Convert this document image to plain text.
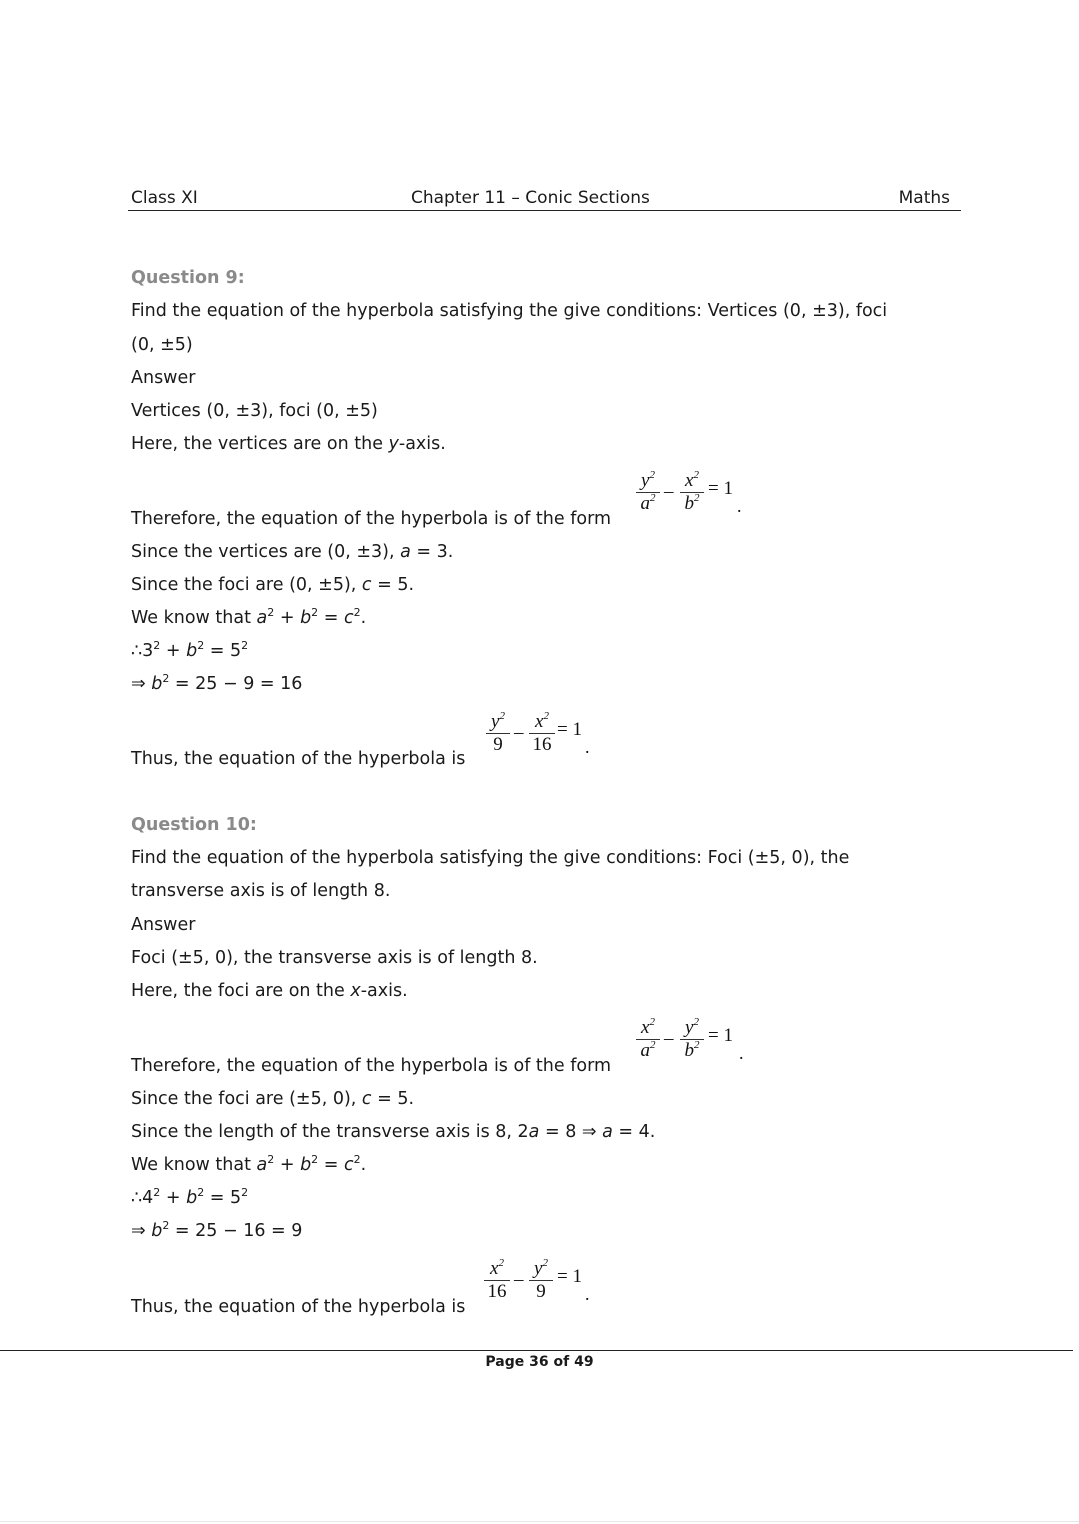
Class XI	Chapter 11 – Conic Sections	Maths
Question 9:
Find the equation of the hyperbola satisfying the give conditions: Vertices (0, ±3), foci
(0, ±5)
Answer
Vertices (0, ±3), foci (0, ±5)
Here, the vertices are on the y-axis.
Therefore, the equation of the hyperbola is of the form
$y^2$
$a^2$ –
$x^2$
$b^2 = 1$
.
Since the vertices are (0, ±3), a = 3.
Since the foci are (0, ±5), c = 5.
We know that $a^2 + b^2 = c^2$.
$\therefore 3^2 + b^2 = 5^2$
⇒ $b^2 = 25 - 9 = 16$
Thus, the equation of the hyperbola is
$y^2$
9
–
$x^2$
16
= 1
.
Question 10:
Find the equation of the hyperbola satisfying the give conditions: Foci (±5, 0), the
transverse axis is of length 8.
Answer
Foci (±5, 0), the transverse axis is of length 8.
Here, the foci are on the x-axis.
Therefore, the equation of the hyperbola is of the form
$x^2$
$a^2$ –
$y^2$
$b^2 = 1$
.
Since the foci are (±5, 0), c = 5.
Since the length of the transverse axis is 8, 2a = 8 ⇒ a = 4.
We know that $a^2 + b^2 = c^2$.
$\therefore 4^2 + b^2 = 5^2$
⇒ $b^2 = 25 - 16 = 9$
Thus, the equation of the hyperbola is
$x^2$
16
–
$y^2$
9
= 1
.
Page 36 of 49
